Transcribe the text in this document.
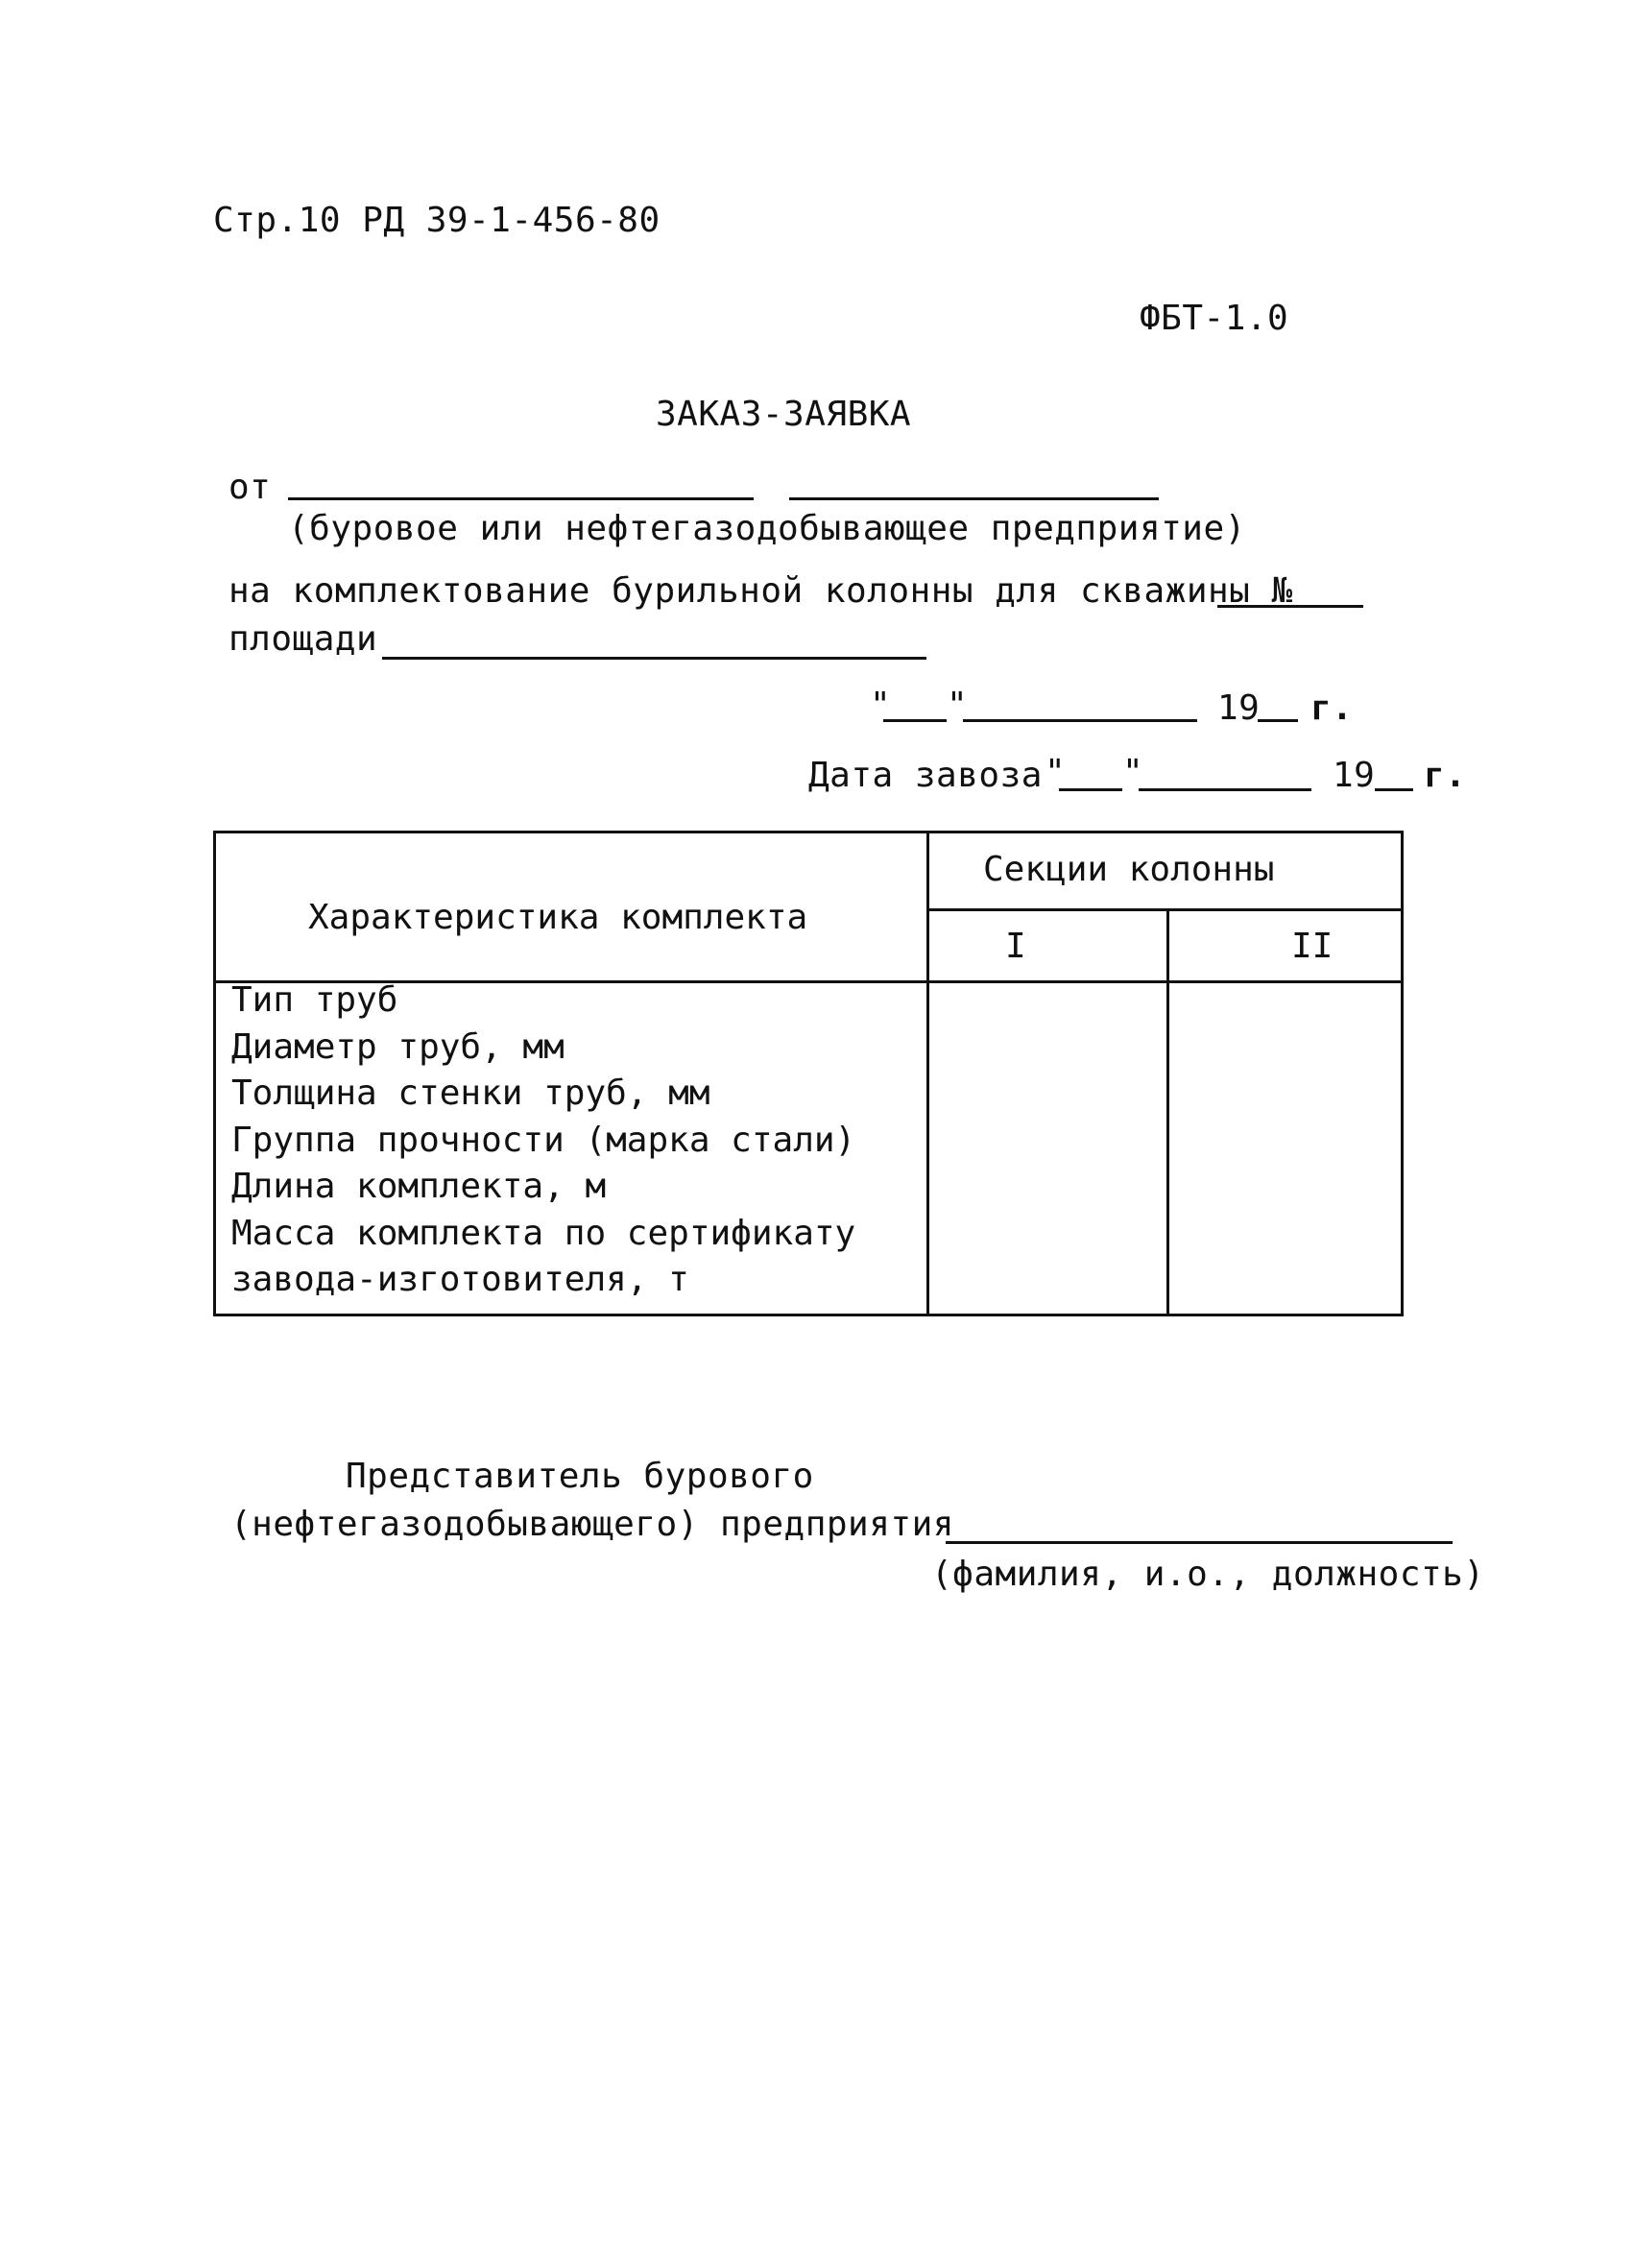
Стр.10 РД 39-1-456-80
ФБТ-1.0
ЗАКАЗ-ЗАЯВКА
от
(буровое или нефтегазодобывающее предприятие)
на комплектование бурильной колонны для скважины №
площади
" "	19 г.
Дата завоза " "	19 г.
Характеристика комплекта
Секции колонны
I	II
Тип труб
Диаметр труб, мм
Толщина стенки труб, мм
Группа прочности (марка стали)
Длина комплекта, м
Масса комплекта по сертификату
завода-изготовителя, т
Представитель бурового
(нефтегазодобывающего) предприятия
(фамилия, и.о., должность)
